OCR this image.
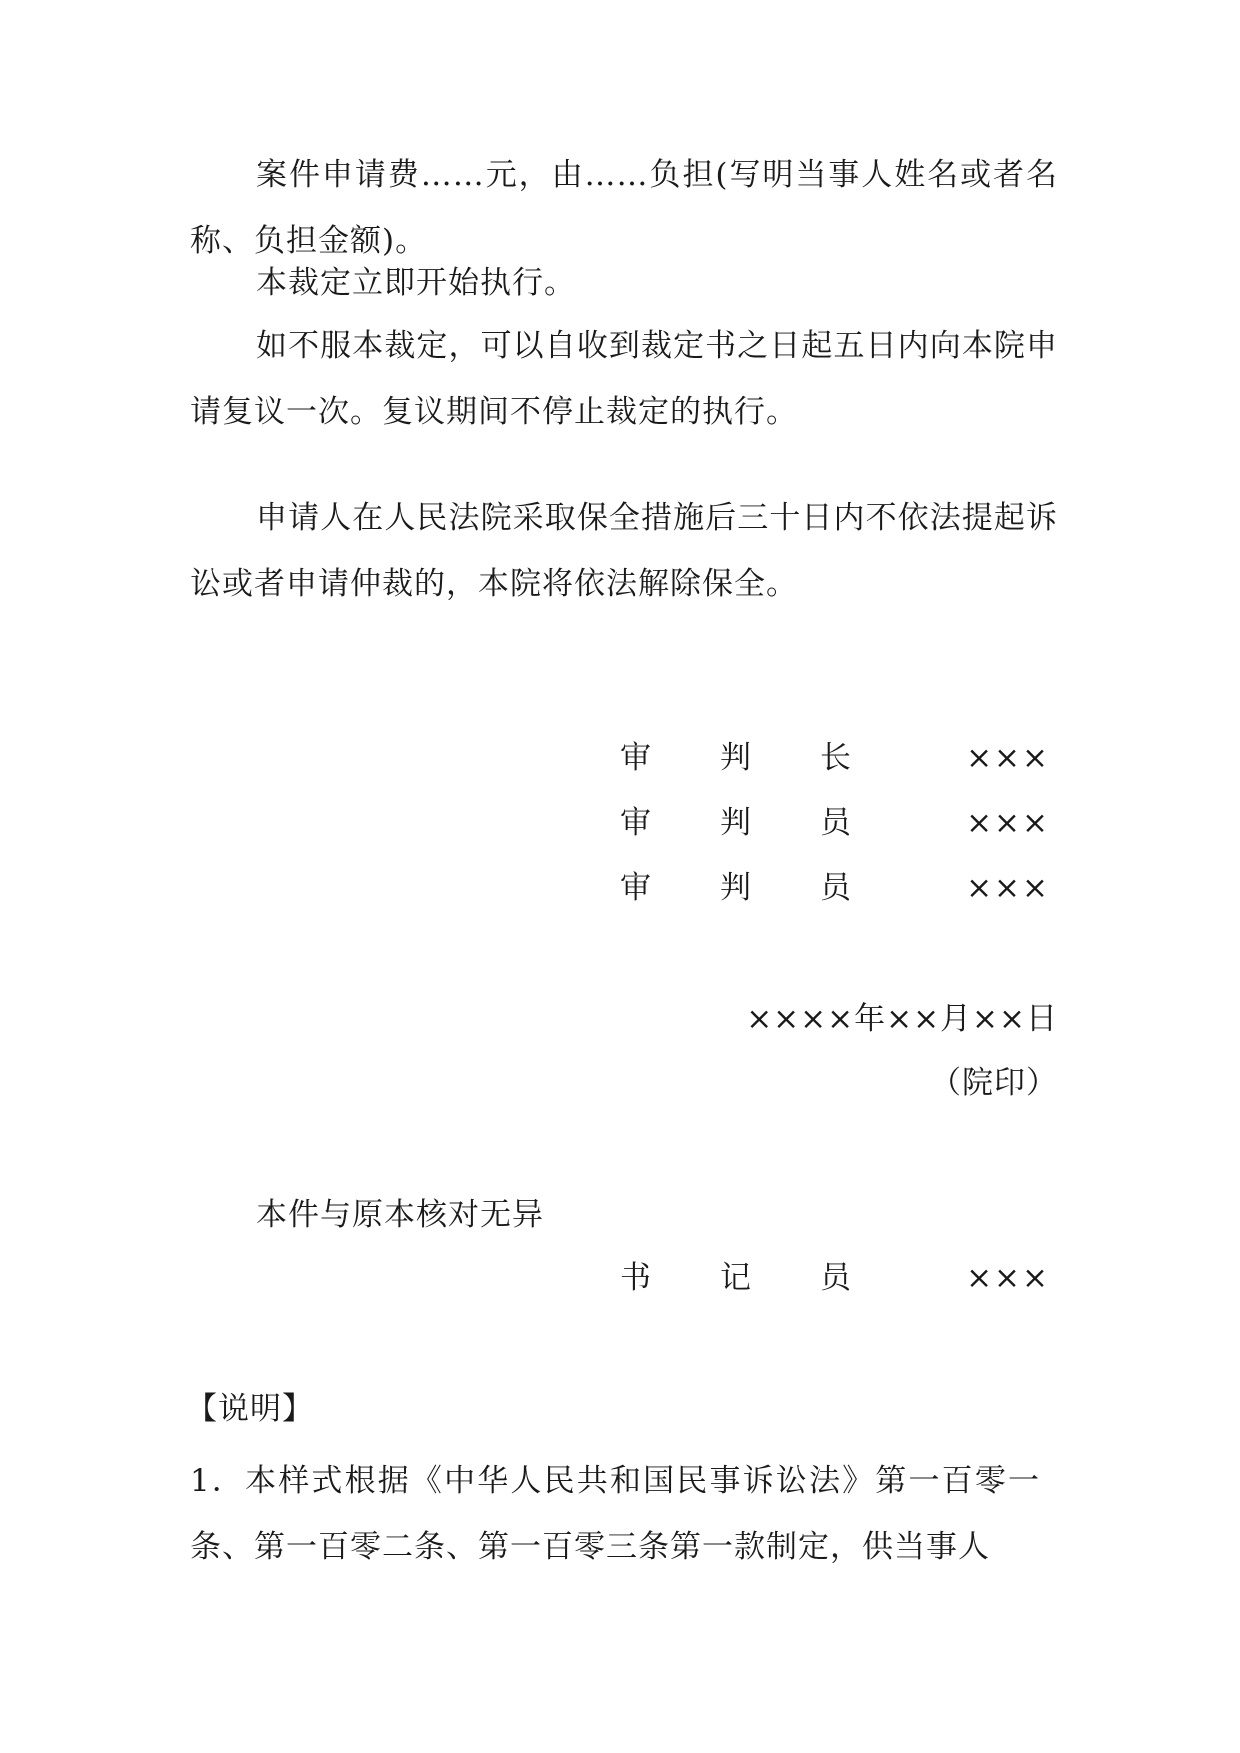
案件申请费……元，由……负担(写明当事人姓名或者名称、负担金额)。

本裁定立即开始执行。

如不服本裁定，可以自收到裁定书之日起五日内向本院申请复议一次。复议期间不停止裁定的执行。

申请人在人民法院采取保全措施后三十日内不依法提起诉讼或者申请仲裁的，本院将依法解除保全。

审 判 长	×××
审 判 员	×××
审 判 员	×××
××××年××月××日
（院印）
本件与原本核对无异
书 记 员	×××
【说明】

1．本样式根据《中华人民共和国民事诉讼法》第一百零一条、第一百零二条、第一百零三条第一款制定，供当事人
